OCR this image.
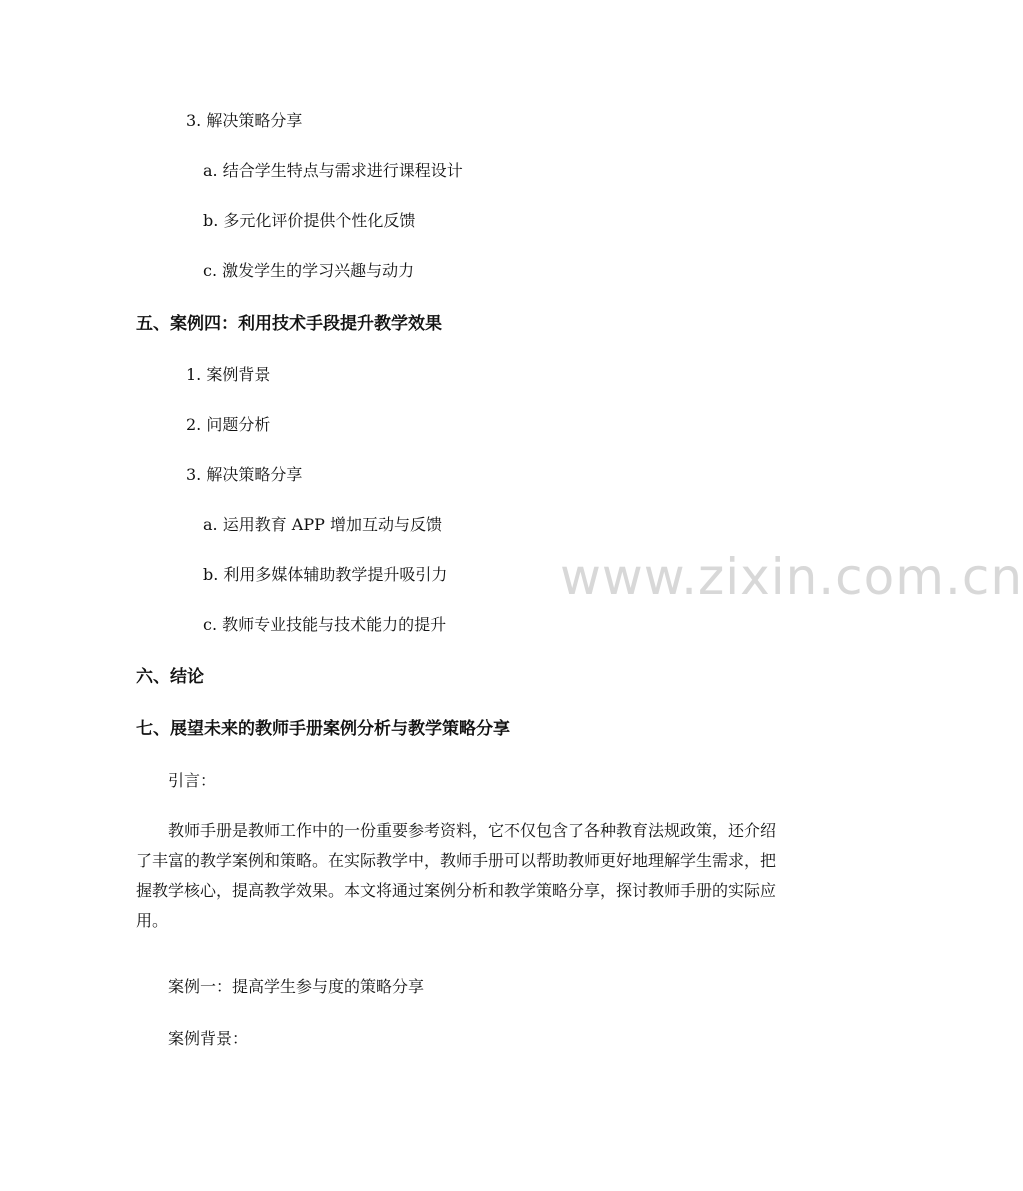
www.zixin.com.cn
3. 解决策略分享
a. 结合学生特点与需求进行课程设计
b. 多元化评价提供个性化反馈
c. 激发学生的学习兴趣与动力
五、案例四：利用技术手段提升教学效果
1. 案例背景
2. 问题分析
3. 解决策略分享
a. 运用教育 APP 增加互动与反馈
b. 利用多媒体辅助教学提升吸引力
c. 教师专业技能与技术能力的提升
六、结论
七、展望未来的教师手册案例分析与教学策略分享
引言：
教师手册是教师工作中的一份重要参考资料，它不仅包含了各种教育法规政策，还介绍了丰富的教学案例和策略。在实际教学中，教师手册可以帮助教师更好地理解学生需求，把握教学核心，提高教学效果。本文将通过案例分析和教学策略分享，探讨教师手册的实际应用。
案例一：提高学生参与度的策略分享
案例背景：
